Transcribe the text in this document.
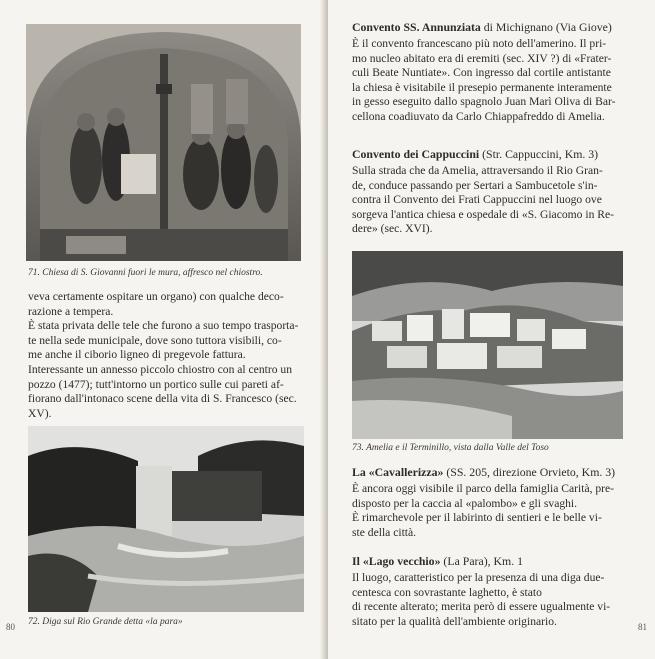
71. Chiesa di S. Giovanni fuori le mura, affresco nel chiostro.

veva certamente ospitare un organo) con qualche deco-

razione a tempera.

È stata privata delle tele che furono a suo tempo trasporta-

te nella sede municipale, dove sono tuttora visibili, co-

me anche il ciborio ligneo di pregevole fattura.

Interessante un annesso piccolo chiostro con al centro un

pozzo (1477); tutt'intorno un portico sulle cui pareti af-

fiorano dall'intonaco scene della vita di S. Francesco (sec.

XV).

72. Diga sul Rio Grande detta «la para»
80
Convento SS. Annunziata di Michignano (Via Giove)

È il convento francescano più noto dell'amerino. Il pri-

mo nucleo abitato era di eremiti (sec. XIV ?) di «Frater-

culi Beate Nuntiate». Con ingresso dal cortile antistante

la chiesa è visitabile il presepio permanente interamente

in gesso eseguito dallo spagnolo Juan Marì Oliva di Bar-

cellona coadiuvato da Carlo Chiappafreddo di Amelia.

Convento dei Cappuccini (Str. Cappuccini, Km. 3)

Sulla strada che da Amelia, attraversando il Rio Gran-

de, conduce passando per Sertari a Sambucetole s'in-

contra il Convento dei Frati Cappuccini nel luogo ove

sorgeva l'antica chiesa e ospedale di «S. Giacomo in Re-

dere» (sec. XVI).

73. Amelia e il Terminillo, vista dalla Valle del Toso
La «Cavallerizza» (SS. 205, direzione Orvieto, Km. 3)

È ancora oggi visibile il parco della famiglia Carità, pre-

disposto per la caccia al «palombo» e gli svaghi.

È rimarchevole per il labirinto di sentieri e le belle vi-

ste della città.

Il «Lago vecchio» (La Para), Km. 1

Il luogo, caratteristico per la presenza di una diga due-

centesca con sovrastante laghetto, è stato

di recente alterato; merita però di essere ugualmente vi-

sitato per la qualità dell'ambiente originario.	81
